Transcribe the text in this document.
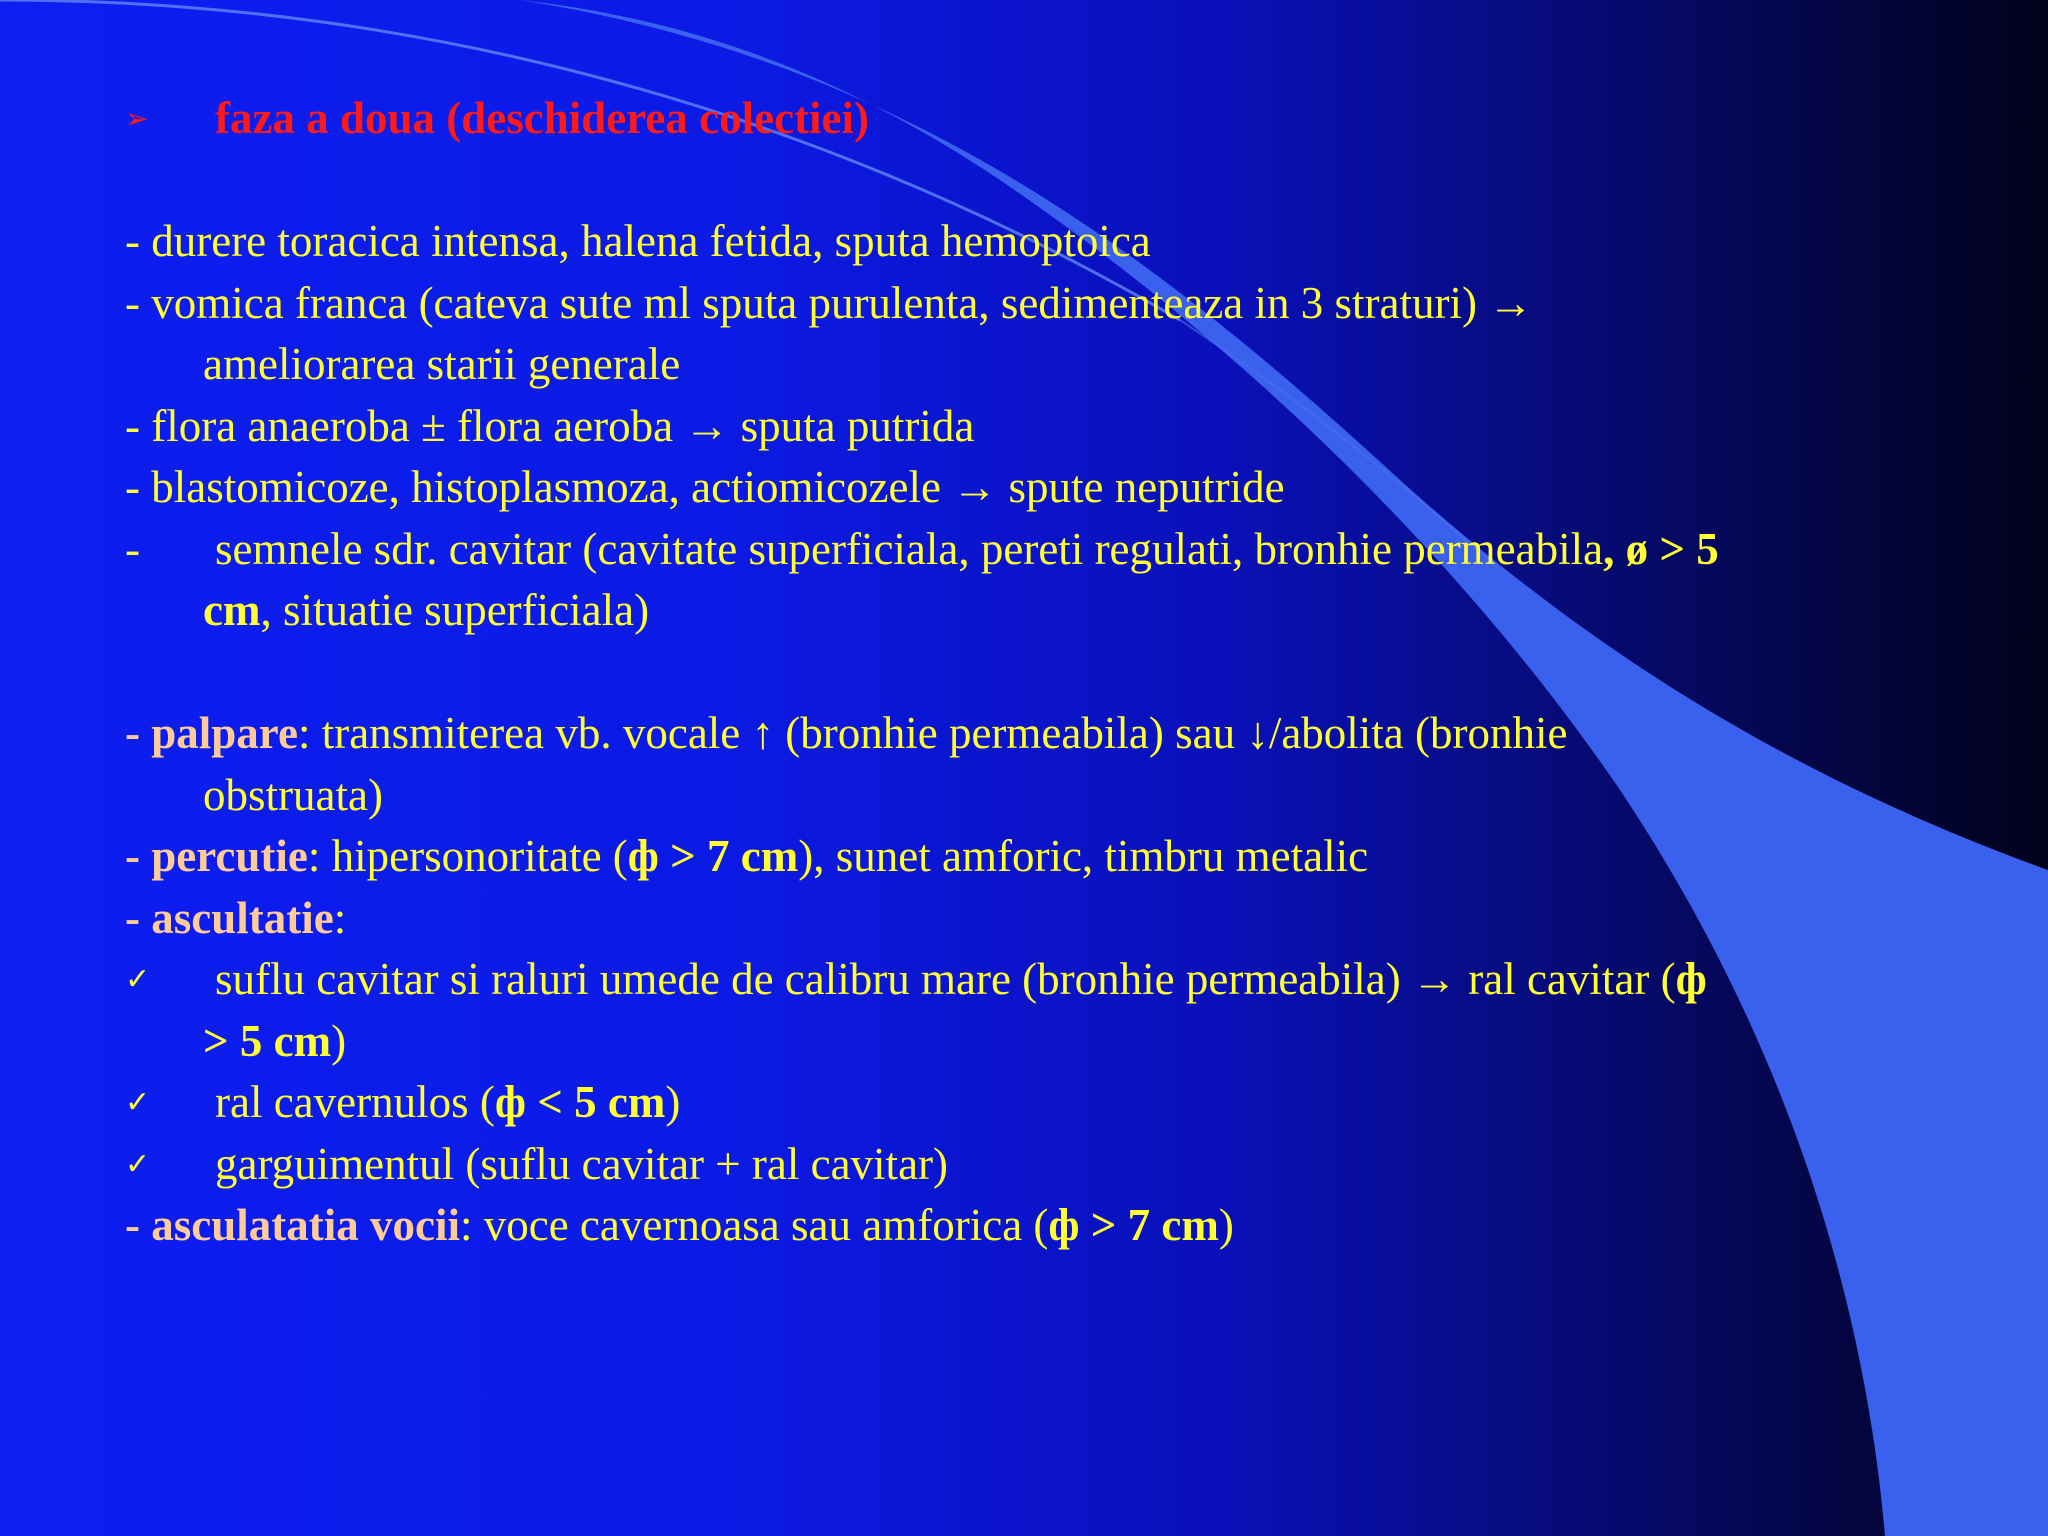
➢	faza a doua (deschiderea colectiei)
- durere toracica intensa, halena fetida, sputa hemoptoica
- vomica franca (cateva sute ml sputa purulenta, sedimenteaza in 3 straturi) →
ameliorarea starii generale
- flora anaeroba ± flora aeroba → sputa putrida
- blastomicoze, histoplasmoza, actiomicozele → spute neputride
-	semnele sdr. cavitar (cavitate superficiala, pereti regulati, bronhie permeabila, ø > 5
cm, situatie superficiala)
- palpare: transmiterea vb. vocale ↑ (bronhie permeabila) sau ↓/abolita (bronhie
obstruata)
- percutie: hipersonoritate (ф > 7 cm), sunet amforic, timbru metalic
- ascultatie:
✓	suflu cavitar si raluri umede de calibru mare (bronhie permeabila) → ral cavitar (ф
> 5 cm)
✓	ral cavernulos (ф < 5 cm)
✓	garguimentul (suflu cavitar + ral cavitar)
- asculatatia vocii: voce cavernoasa sau amforica (ф > 7 cm)
